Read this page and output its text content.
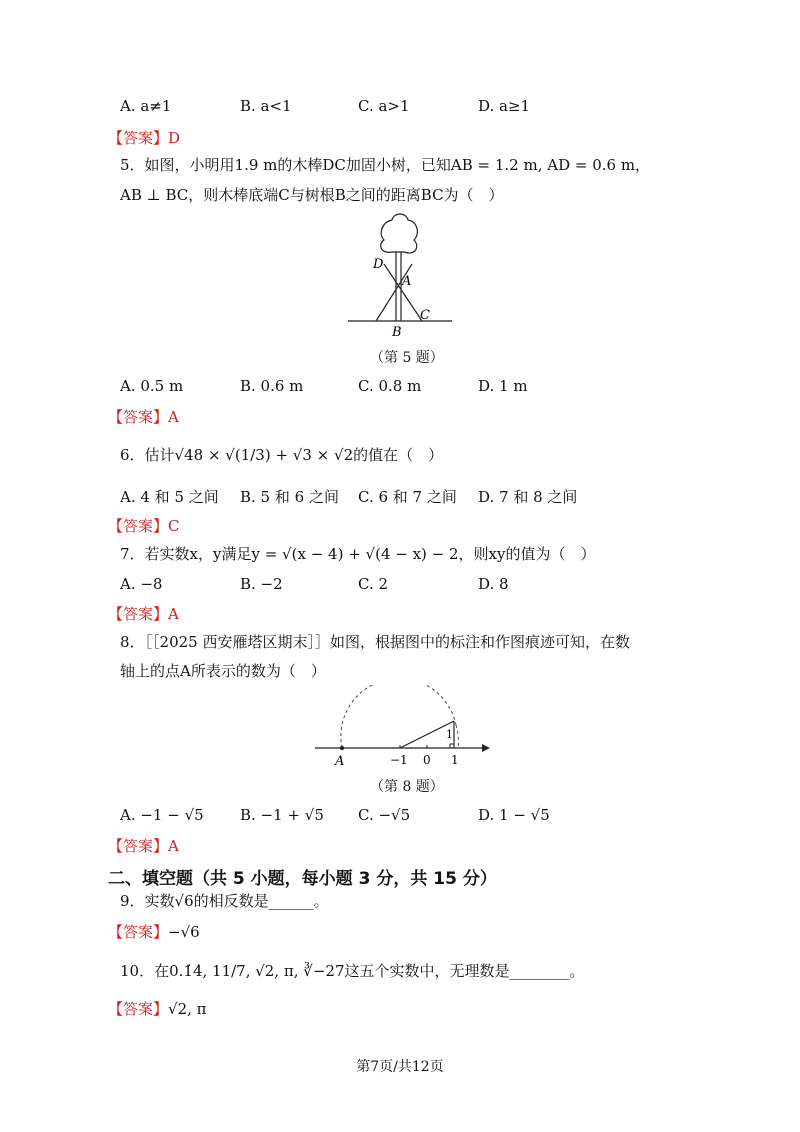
A. a≠1	B. a<1	C. a>1	D. a≥1
【答案】D
5．如图，小明用1.9 m的木棒DC加固小树，已知AB = 1.2 m, AD = 0.6 m，
AB ⊥ BC，则木棒底端C与树根B之间的距离BC为（　）
D
A
C
B
（第 5 题）
A. 0.5 m	B. 0.6 m	C. 0.8 m	D. 1 m
【答案】A
6．估计√48 × √(1/3) + √3 × √2的值在（　）
A. 4 和 5 之间 B. 5 和 6 之间 C. 6 和 7 之间 D. 7 和 8 之间
【答案】C
7．若实数x，y满足y = √(x − 4) + √(4 − x) − 2，则xy的值为（　）
A. −8	B. −2	C. 2	D. 8
【答案】A
8．［［2025 西安雁塔区期末］］如图，根据图中的标注和作图痕迹可知，在数
轴上的点A所表示的数为（　）
A	−1 0 1
1
（第 8 题）
A. −1 − √5 B. −1 + √5 C. −√5	D. 1 − √5
【答案】A
二、填空题（共 5 小题，每小题 3 分，共 15 分）
9．实数√6的相反数是______。
【答案】−√6
10．在0.1̇4̇, 11/7, √2, π, ∛−27这五个实数中，无理数是________。
【答案】√2, π
第7页/共12页
